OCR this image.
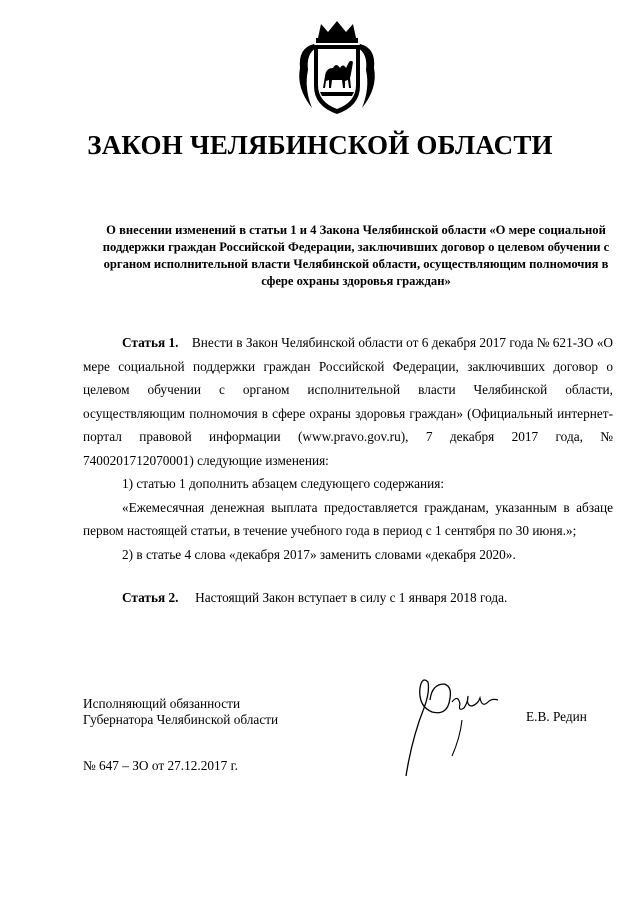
ЗАКОН ЧЕЛЯБИНСКОЙ ОБЛАСТИ
О внесении изменений в статьи 1 и 4 Закона Челябинской области «О мере социальной поддержки граждан Российской Федерации, заключивших договор о целевом обучении с органом исполнительной власти Челябинской области, осуществляющим полномочия в сфере охраны здоровья граждан»

Статья 1. Внести в Закон Челябинской области от 6 декабря 2017 года № 621-ЗО «О мере социальной поддержки граждан Российской Федерации, заключивших договор о целевом обучении с органом исполнительной власти Челябинской области, осуществляющим полномочия в сфере охраны здоровья граждан» (Официальный интернет-портал правовой информации (www.pravo.gov.ru), 7 декабря 2017 года, № 7400201712070001) следующие изменения:

1) статью 1 дополнить абзацем следующего содержания:

«Ежемесячная денежная выплата предоставляется гражданам, указанным в абзаце первом настоящей статьи, в течение учебного года в период с 1 сентября по 30 июня.»;

2) в статье 4 слова «декабря 2017» заменить словами «декабря 2020».

Статья 2. Настоящий Закон вступает в силу с 1 января 2018 года.

Исполняющий обязанности
Губернатора Челябинской области	Е.В. Редин
№ 647 – ЗО от 27.12.2017 г.
